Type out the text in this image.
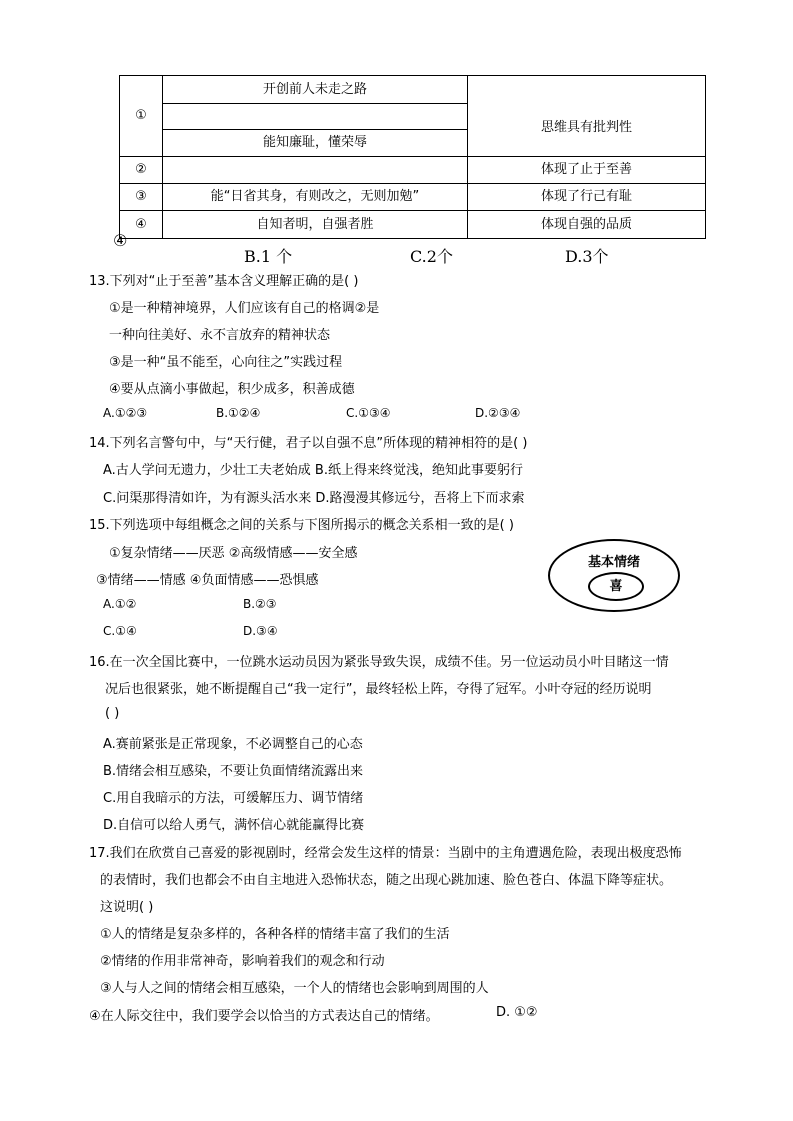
①	开创前人未走之路	
		思维具有批判性
	能知廉耻，懂荣辱	
②		体现了止于至善
③	能“日省其身，有则改之，无则加勉”	体现了行己有耻
④	自知者明，自强者胜	体现自强的品质
④
B.1 个	C.2个	D.3个
13.下列对“止于至善”基本含义理解正确的是( )
①是一种精神境界，人们应该有自己的格调②是
一种向往美好、永不言放弃的精神状态
③是一种“虽不能至，心向往之”实践过程
④要从点滴小事做起，积少成多，积善成德
A.①②③	B.①②④	C.①③④	D.②③④
14.下列名言警句中，与“天行健，君子以自强不息”所体现的精神相符的是( )
A.古人学问无遗力，少壮工夫老始成 B.纸上得来终觉浅，绝知此事要躬行
C.问渠那得清如许，为有源头活水来 D.路漫漫其修远兮，吾将上下而求索
15.下列选项中每组概念之间的关系与下图所揭示的概念关系相一致的是( )
①复杂情绪——厌恶 ②高级情感——安全感
③情绪——情感 ④负面情感——恐惧感
A.①②	B.②③
C.①④	D.③④
基本情绪
喜
16.在一次全国比赛中，一位跳水运动员因为紧张导致失误，成绩不佳。另一位运动员小叶目睹这一情
况后也很紧张，她不断提醒自己“我一定行”，最终轻松上阵，夺得了冠军。小叶夺冠的经历说明
( )
A.赛前紧张是正常现象，不必调整自己的心态
B.情绪会相互感染，不要让负面情绪流露出来
C.用自我暗示的方法，可缓解压力、调节情绪
D.自信可以给人勇气，满怀信心就能赢得比赛
17.我们在欣赏自己喜爱的影视剧时，经常会发生这样的情景：当剧中的主角遭遇危险，表现出极度恐怖
的表情时，我们也都会不由自主地进入恐怖状态，随之出现心跳加速、脸色苍白、体温下降等症状。
这说明( )
①人的情绪是复杂多样的，各种各样的情绪丰富了我们的生活
②情绪的作用非常神奇，影响着我们的观念和行动
③人与人之间的情绪会相互感染，一个人的情绪也会影响到周围的人
④在人际交往中，我们要学会以恰当的方式表达自己的情绪。	D. ①②
